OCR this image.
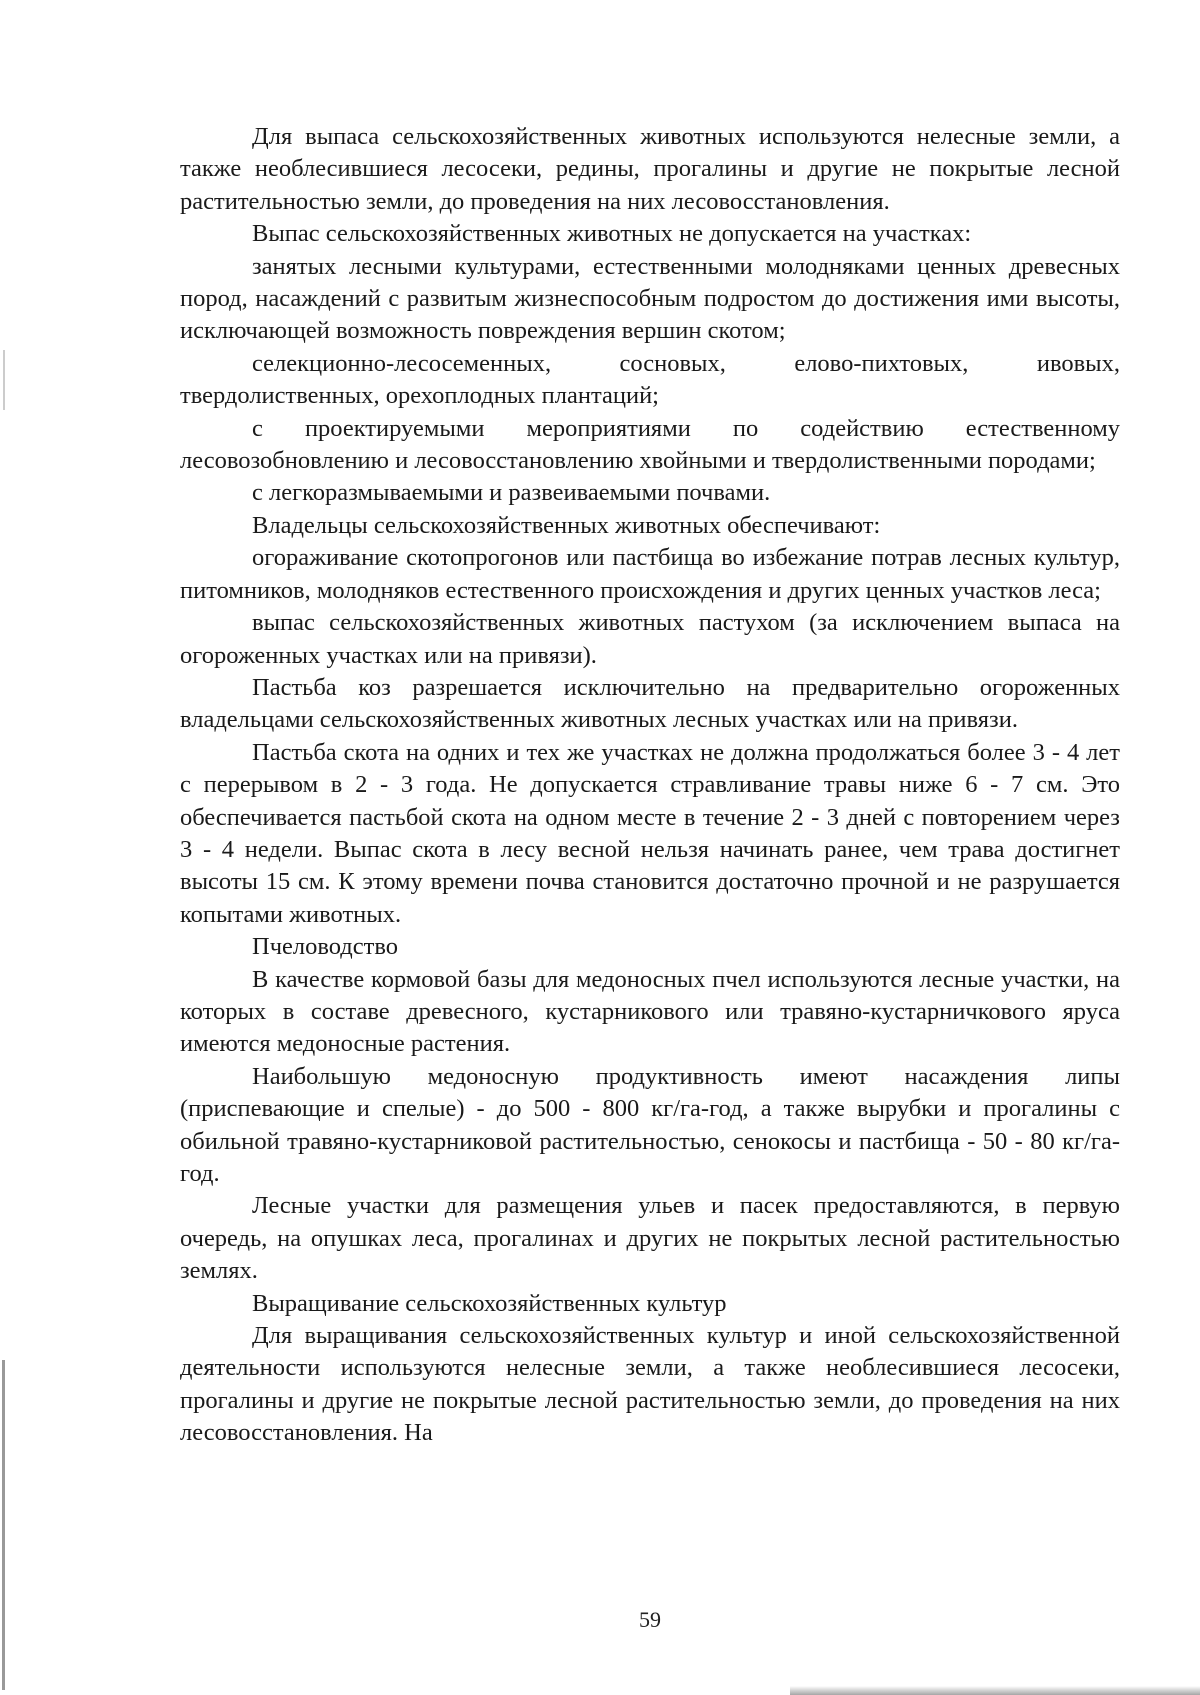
Для выпаса сельскохозяйственных животных используются нелесные земли, а также необлесившиеся лесосеки, редины, прогалины и другие не покрытые лесной растительностью земли, до проведения на них лесовосстановления.

Выпас сельскохозяйственных животных не допускается на участках:

занятых лесными культурами, естественными молодняками ценных древесных пород, насаждений с развитым жизнеспособным подростом до достижения ими высоты, исключающей возможность повреждения вершин скотом;

селекционно-лесосеменных, сосновых, елово-пихтовых, ивовых, твердолиственных, орехоплодных плантаций;

с проектируемыми мероприятиями по содействию естественному лесовозобновлению и лесовосстановлению хвойными и твердолиственными породами;

с легкоразмываемыми и развеиваемыми почвами.

Владельцы сельскохозяйственных животных обеспечивают:

огораживание скотопрогонов или пастбища во избежание потрав лесных культур, питомников, молодняков естественного происхождения и других ценных участков леса;

выпас сельскохозяйственных животных пастухом (за исключением выпаса на огороженных участках или на привязи).

Пастьба коз разрешается исключительно на предварительно огороженных владельцами сельскохозяйственных животных лесных участках или на привязи.

Пастьба скота на одних и тех же участках не должна продолжаться более 3 - 4 лет с перерывом в 2 - 3 года. Не допускается стравливание травы ниже 6 - 7 см. Это обеспечивается пастьбой скота на одном месте в течение 2 - 3 дней с повторением через 3 - 4 недели. Выпас скота в лесу весной нельзя начинать ранее, чем трава достигнет высоты 15 см. К этому времени почва становится достаточно прочной и не разрушается копытами животных.

Пчеловодство

В качестве кормовой базы для медоносных пчел используются лесные участки, на которых в составе древесного, кустарникового или травяно-кустарничкового яруса имеются медоносные растения.

Наибольшую медоносную продуктивность имеют насаждения липы (приспевающие и спелые) - до 500 - 800 кг/га-год, а также вырубки и прогалины с обильной травяно-кустарниковой растительностью, сенокосы и пастбища - 50 - 80 кг/га-год.

Лесные участки для размещения ульев и пасек предоставляются, в первую очередь, на опушках леса, прогалинах и других не покрытых лесной растительностью землях.

Выращивание сельскохозяйственных культур

Для выращивания сельскохозяйственных культур и иной сельскохозяйственной деятельности используются нелесные земли, а также необлесившиеся лесосеки, прогалины и другие не покрытые лесной растительностью земли, до проведения на них лесовосстановления. На

59
